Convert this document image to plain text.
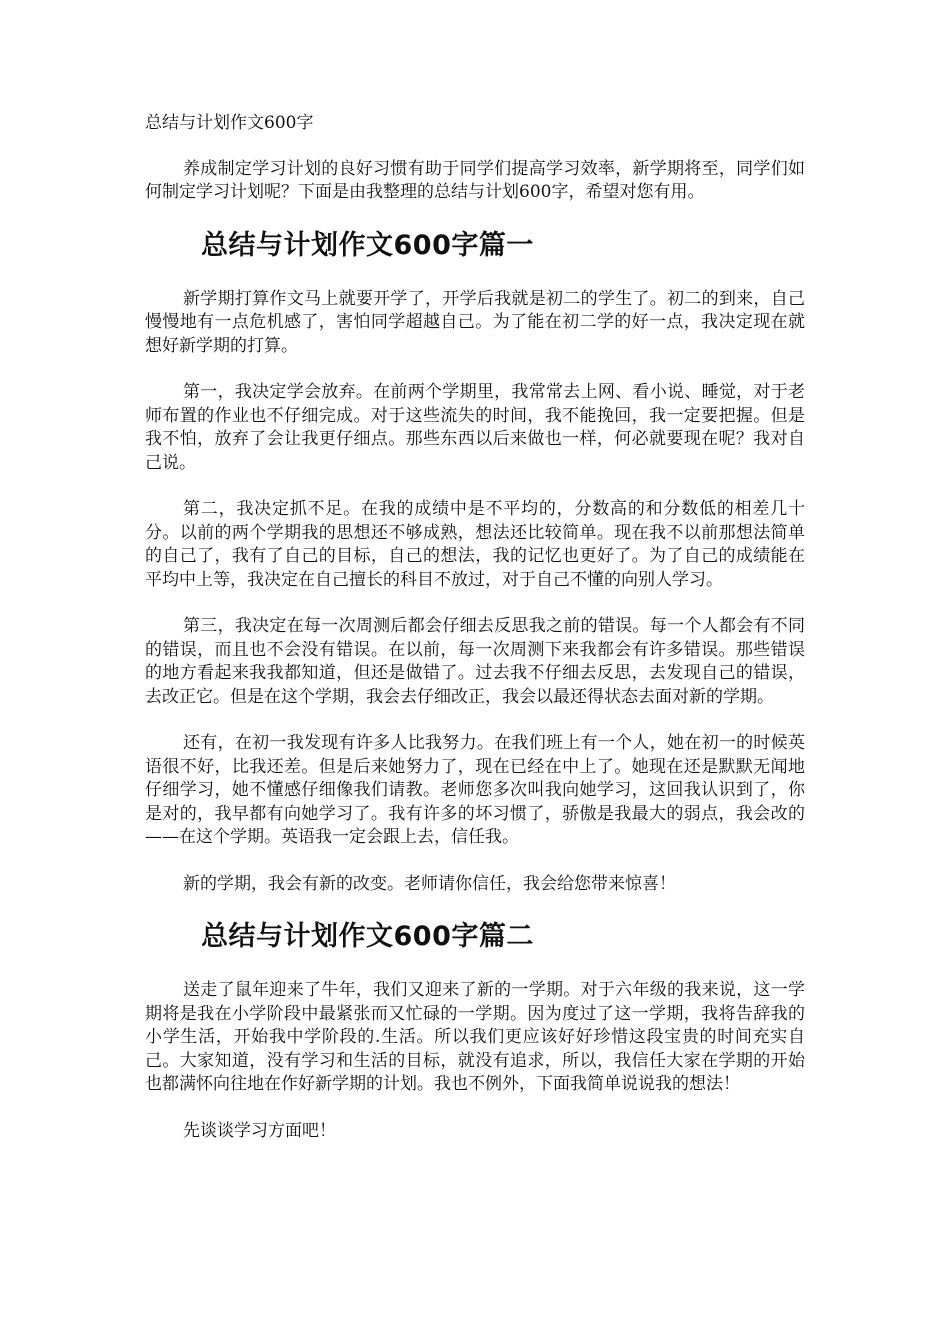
总结与计划作文600字

养成制定学习计划的良好习惯有助于同学们提高学习效率，新学期将至，同学们如何制定学习计划呢？下面是由我整理的总结与计划600字，希望对您有用。

总结与计划作文600字篇一

新学期打算作文马上就要开学了，开学后我就是初二的学生了。初二的到来，自己慢慢地有一点危机感了，害怕同学超越自己。为了能在初二学的好一点，我决定现在就想好新学期的打算。

第一，我决定学会放弃。在前两个学期里，我常常去上网、看小说、睡觉，对于老师布置的作业也不仔细完成。对于这些流失的时间，我不能挽回，我一定要把握。但是我不怕，放弃了会让我更仔细点。那些东西以后来做也一样，何必就要现在呢？我对自己说。

第二，我决定抓不足。在我的成绩中是不平均的，分数高的和分数低的相差几十分。以前的两个学期我的思想还不够成熟，想法还比较简单。现在我不以前那想法简单的自己了，我有了自己的目标，自己的想法，我的记忆也更好了。为了自己的成绩能在平均中上等，我决定在自己擅长的科目不放过，对于自己不懂的向别人学习。

第三，我决定在每一次周测后都会仔细去反思我之前的错误。每一个人都会有不同的错误，而且也不会没有错误。在以前，每一次周测下来我都会有许多错误。那些错误的地方看起来我我都知道，但还是做错了。过去我不仔细去反思，去发现自己的错误，去改正它。但是在这个学期，我会去仔细改正，我会以最还得状态去面对新的学期。

还有，在初一我发现有许多人比我努力。在我们班上有一个人，她在初一的时候英语很不好，比我还差。但是后来她努力了，现在已经在中上了。她现在还是默默无闻地仔细学习，她不懂感仔细像我们请教。老师您多次叫我向她学习，这回我认识到了，你是对的，我早都有向她学习了。我有许多的坏习惯了，骄傲是我最大的弱点，我会改的——在这个学期。英语我一定会跟上去，信任我。

新的学期，我会有新的改变。老师请你信任，我会给您带来惊喜！

总结与计划作文600字篇二

送走了鼠年迎来了牛年，我们又迎来了新的一学期。对于六年级的我来说，这一学期将是我在小学阶段中最紧张而又忙碌的一学期。因为度过了这一学期，我将告辞我的小学生活，开始我中学阶段的.生活。所以我们更应该好好珍惜这段宝贵的时间充实自己。大家知道，没有学习和生活的目标，就没有追求，所以，我信任大家在学期的开始也都满怀向往地在作好新学期的计划。我也不例外，下面我简单说说我的想法！

先谈谈学习方面吧！
